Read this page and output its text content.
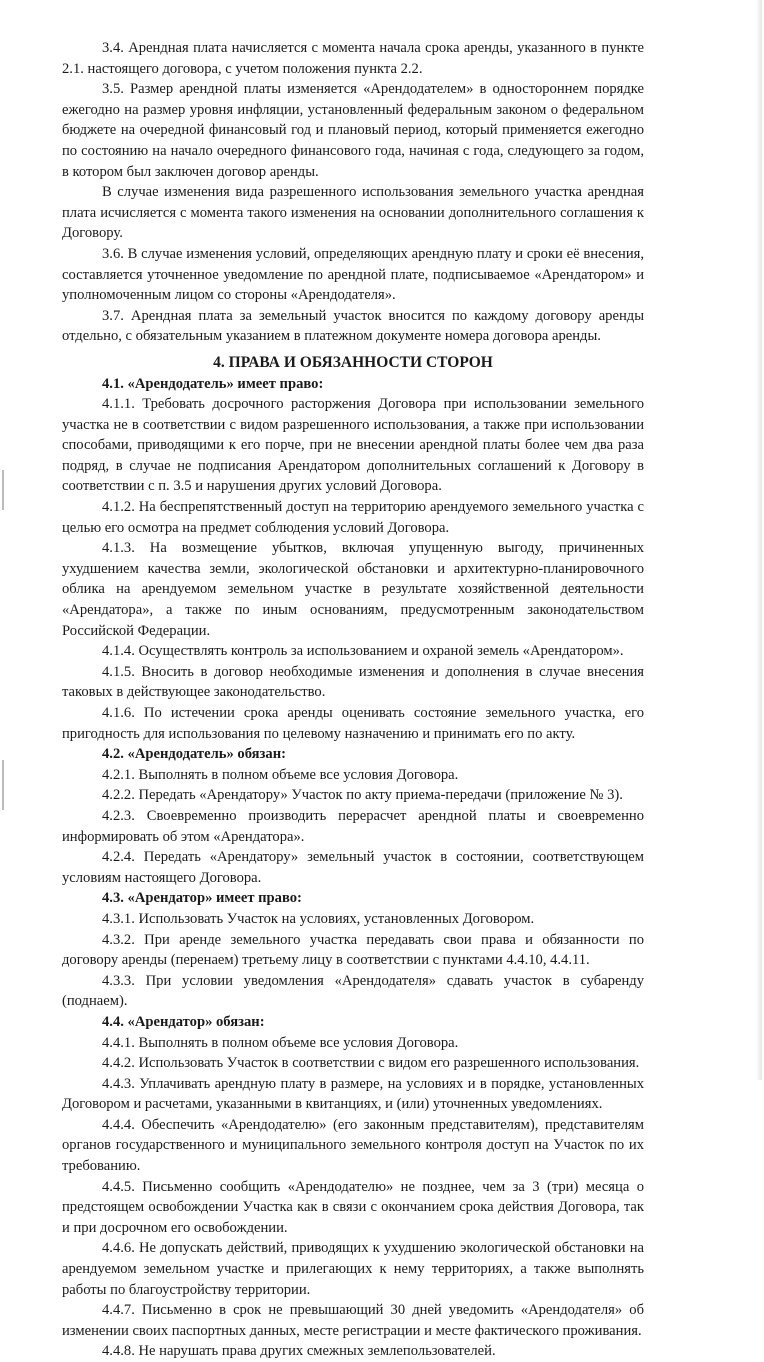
3.4. Арендная плата начисляется с момента начала срока аренды, указанного в пункте 2.1. настоящего договора, с учетом положения пункта 2.2.

3.5. Размер арендной платы изменяется «Арендодателем» в одностороннем порядке ежегодно на размер уровня инфляции, установленный федеральным законом о федеральном бюджете на очередной финансовый год и плановый период, который применяется ежегодно по состоянию на начало очередного финансового года, начиная с года, следующего за годом, в котором был заключен договор аренды.

В случае изменения вида разрешенного использования земельного участка арендная плата исчисляется с момента такого изменения на основании дополнительного соглашения к Договору.

3.6. В случае изменения условий, определяющих арендную плату и сроки её внесения, составляется уточненное уведомление по арендной плате, подписываемое «Арендатором» и уполномоченным лицом со стороны «Арендодателя».

3.7. Арендная плата за земельный участок вносится по каждому договору аренды отдельно, с обязательным указанием в платежном документе номера договора аренды.

4. ПРАВА И ОБЯЗАННОСТИ СТОРОН

4.1. «Арендодатель» имеет право:

4.1.1. Требовать досрочного расторжения Договора при использовании земельного участка не в соответствии с видом разрешенного использования, а также при использовании способами, приводящими к его порче, при не внесении арендной платы более чем два раза подряд, в случае не подписания Арендатором дополнительных соглашений к Договору в соответствии с п. 3.5 и нарушения других условий Договора.

4.1.2. На беспрепятственный доступ на территорию арендуемого земельного участка с целью его осмотра на предмет соблюдения условий Договора.

4.1.3. На возмещение убытков, включая упущенную выгоду, причиненных ухудшением качества земли, экологической обстановки и архитектурно-планировочного облика на арендуемом земельном участке в результате хозяйственной деятельности «Арендатора», а также по иным основаниям, предусмотренным законодательством Российской Федерации.

4.1.4. Осуществлять контроль за использованием и охраной земель «Арендатором».

4.1.5. Вносить в договор необходимые изменения и дополнения в случае внесения таковых в действующее законодательство.

4.1.6. По истечении срока аренды оценивать состояние земельного участка, его пригодность для использования по целевому назначению и принимать его по акту.

4.2. «Арендодатель» обязан:

4.2.1. Выполнять в полном объеме все условия Договора.

4.2.2. Передать «Арендатору» Участок по акту приема-передачи (приложение № 3).

4.2.3. Своевременно производить перерасчет арендной платы и своевременно информировать об этом «Арендатора».

4.2.4. Передать «Арендатору» земельный участок в состоянии, соответствующем условиям настоящего Договора.

4.3. «Арендатор» имеет право:

4.3.1. Использовать Участок на условиях, установленных Договором.

4.3.2. При аренде земельного участка передавать свои права и обязанности по договору аренды (перенаем) третьему лицу в соответствии с пунктами 4.4.10, 4.4.11.

4.3.3. При условии уведомления «Арендодателя» сдавать участок в субаренду (поднаем).

4.4. «Арендатор» обязан:

4.4.1. Выполнять в полном объеме все условия Договора.

4.4.2. Использовать Участок в соответствии с видом его разрешенного использования.

4.4.3. Уплачивать арендную плату в размере, на условиях и в порядке, установленных Договором и расчетами, указанными в квитанциях, и (или) уточненных уведомлениях.

4.4.4. Обеспечить «Арендодателю» (его законным представителям), представителям органов государственного и муниципального земельного контроля доступ на Участок по их требованию.

4.4.5. Письменно сообщить «Арендодателю» не позднее, чем за 3 (три) месяца о предстоящем освобождении Участка как в связи с окончанием срока действия Договора, так и при досрочном его освобождении.

4.4.6. Не допускать действий, приводящих к ухудшению экологической обстановки на арендуемом земельном участке и прилегающих к нему территориях, а также выполнять работы по благоустройству территории.

4.4.7. Письменно в срок не превышающий 30 дней уведомить «Арендодателя» об изменении своих паспортных данных, месте регистрации и месте фактического проживания.

4.4.8. Не нарушать права других смежных землепользователей.
